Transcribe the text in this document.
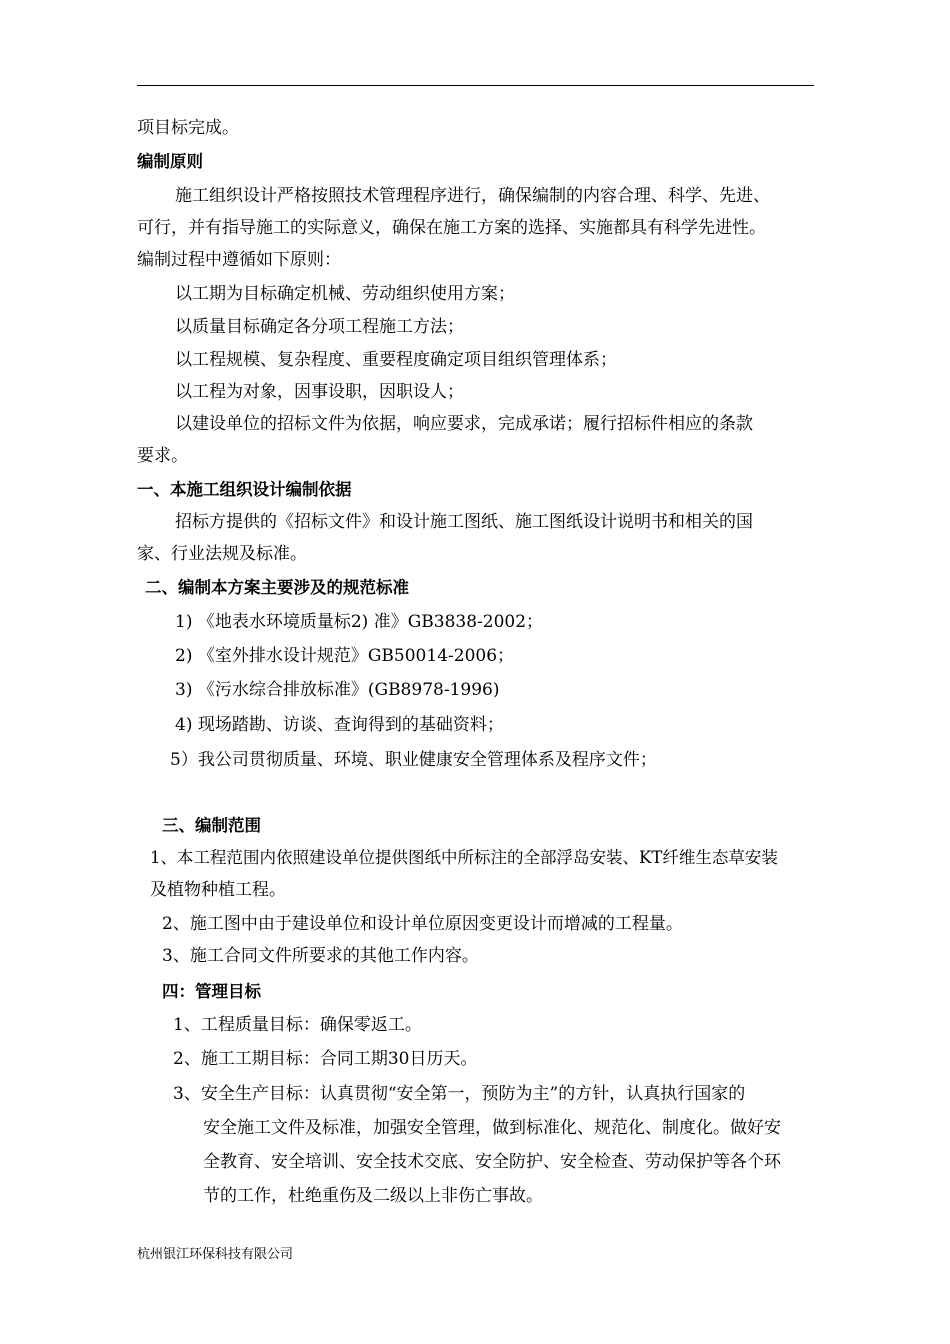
项目标完成。
编制原则
施工组织设计严格按照技术管理程序进行，确保编制的内容合理、科学、先进、
可行，并有指导施工的实际意义，确保在施工方案的选择、实施都具有科学先进性。
编制过程中遵循如下原则：
以工期为目标确定机械、劳动组织使用方案；
以质量目标确定各分项工程施工方法；
以工程规模、复杂程度、重要程度确定项目组织管理体系；
以工程为对象，因事设职，因职设人；
以建设单位的招标文件为依据，响应要求，完成承诺；履行招标件相应的条款
要求。
一、本施工组织设计编制依据
招标方提供的《招标文件》和设计施工图纸、施工图纸设计说明书和相关的国
家、行业法规及标准。
二、编制本方案主要涉及的规范标准
1) 《地表水环境质量标2) 准》GB3838-2002；
2) 《室外排水设计规范》GB50014-2006；
3) 《污水综合排放标准》(GB8978-1996)
4) 现场踏勘、访谈、查询得到的基础资料；
5）我公司贯彻质量、环境、职业健康安全管理体系及程序文件；
三、编制范围
1、本工程范围内依照建设单位提供图纸中所标注的全部浮岛安装、KT纤维生态草安装
及植物种植工程。
2、施工图中由于建设单位和设计单位原因变更设计而增减的工程量。
3、施工合同文件所要求的其他工作内容。
四：管理目标
1、工程质量目标：确保零返工。
2、施工工期目标：合同工期30日历天。
3、安全生产目标：认真贯彻“安全第一，预防为主”的方针，认真执行国家的
安全施工文件及标准，加强安全管理，做到标准化、规范化、制度化。做好安
全教育、安全培训、安全技术交底、安全防护、安全检查、劳动保护等各个环
节的工作，杜绝重伤及二级以上非伤亡事故。
杭州银江环保科技有限公司
